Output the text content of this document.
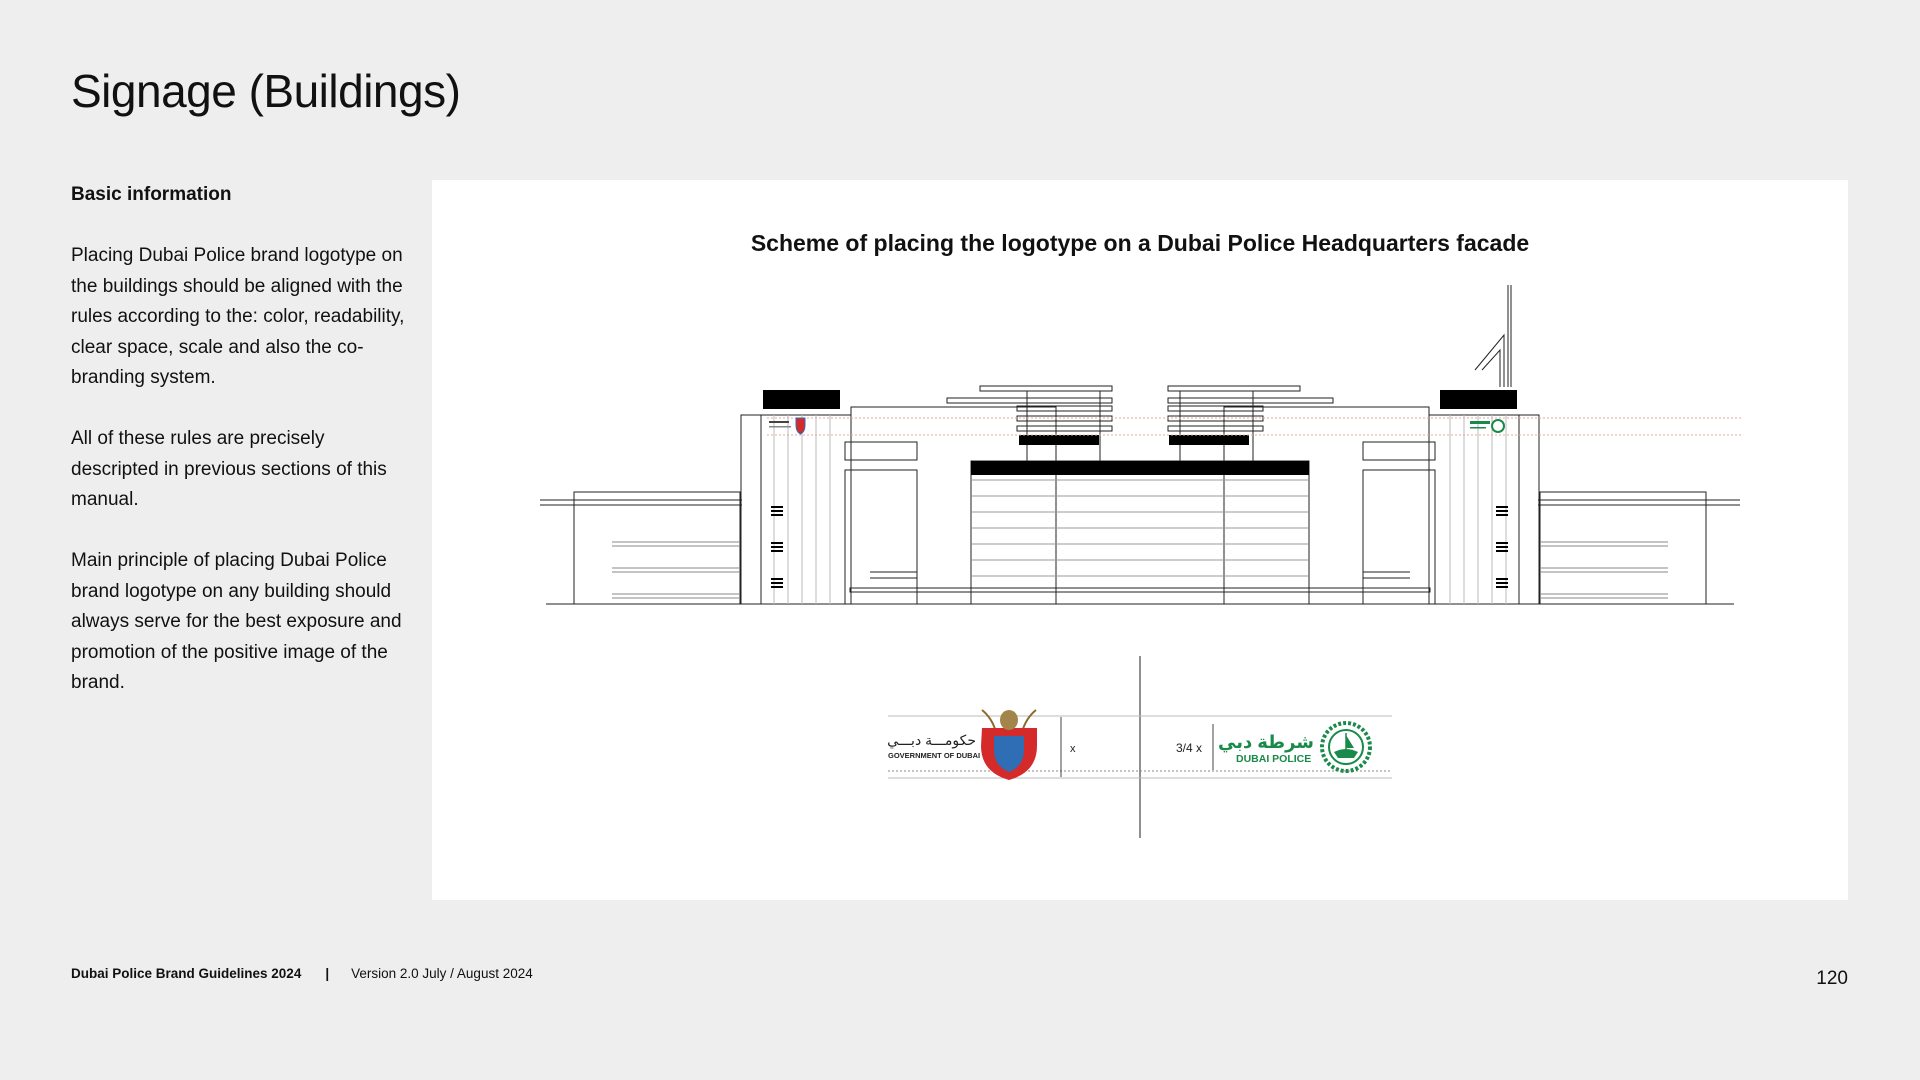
Signage (Buildings)
Basic information

Placing Dubai Police brand logotype on the buildings should be aligned with the rules according to the: color, readability, clear space, scale and also the co-branding system.

All of these rules are precisely descripted in previous sections of this manual.

Main principle of placing Dubai Police brand logotype on any building should always serve for the best exposure and promotion of the positive image of the brand.

Scheme of placing the logotype on a Dubai Police Headquarters facade
x	3/4 x
حكومـــة دبـــي
GOVERNMENT OF DUBAI
شرطة دبي
DUBAI POLICE
Dubai Police Brand Guidelines 2024 | Version 2.0 July / August 2024	120
